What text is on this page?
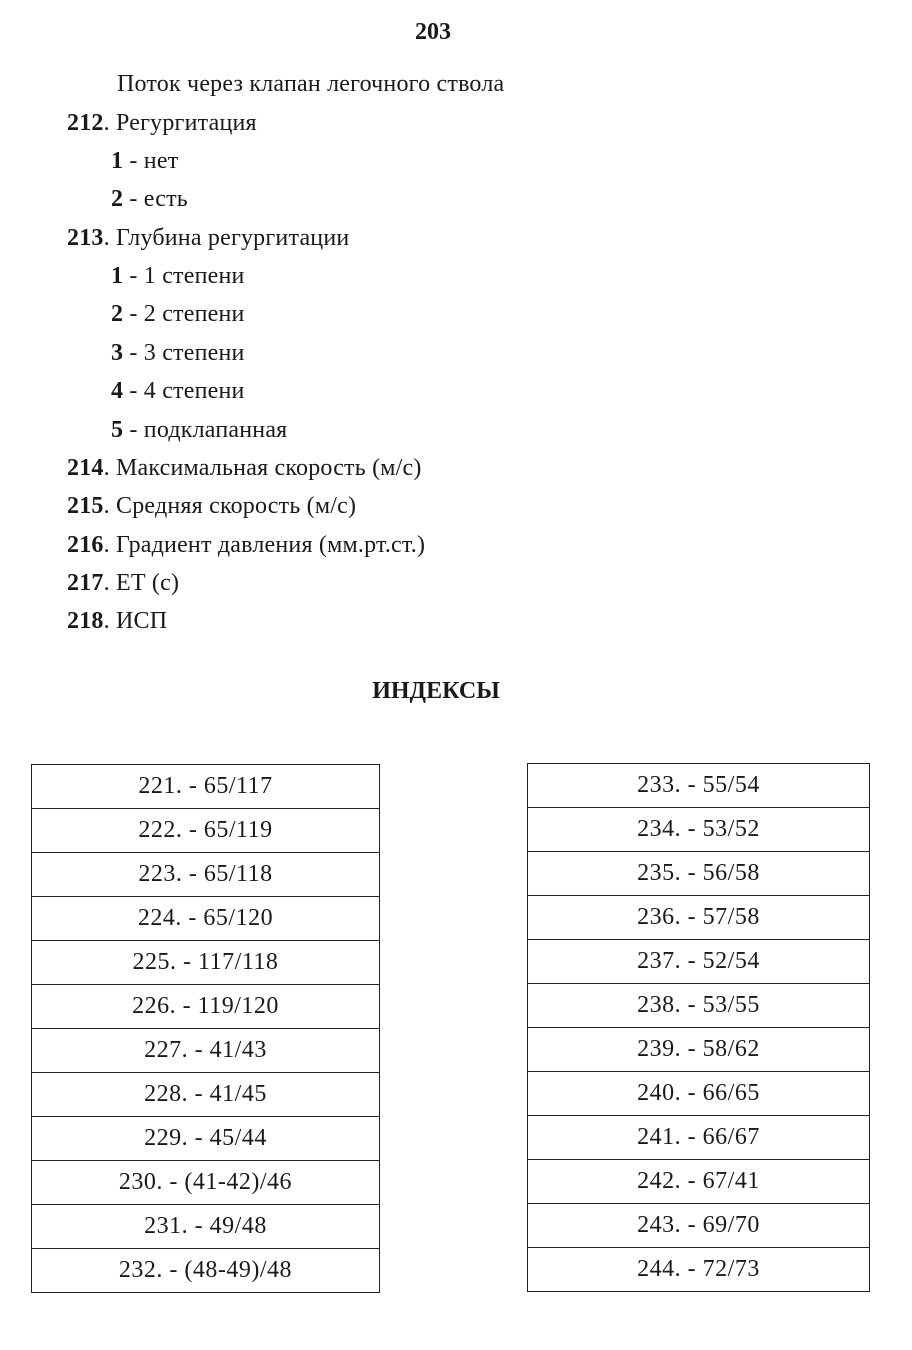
203
Поток через клапан легочного ствола
212. Регургитация
1 - нет
2 - есть
213. Глубина регургитации
1 - 1 степени
2 - 2 степени
3 - 3 степени
4 - 4 степени
5 - подклапанная
214. Максимальная скорость (м/с)
215. Средняя скорость (м/с)
216. Градиент давления (мм.рт.ст.)
217. ЕТ (с)
218. ИСП
ИНДЕКСЫ
221. - 65/117
222. - 65/119
223. - 65/118
224. - 65/120
225. - 117/118
226. - 119/120
227. - 41/43
228. - 41/45
229. - 45/44
230. - (41-42)/46
231. - 49/48
232. - (48-49)/48
233. - 55/54
234. - 53/52
235. - 56/58
236. - 57/58
237. - 52/54
238. - 53/55
239. - 58/62
240. - 66/65
241. - 66/67
242. - 67/41
243. - 69/70
244. - 72/73
